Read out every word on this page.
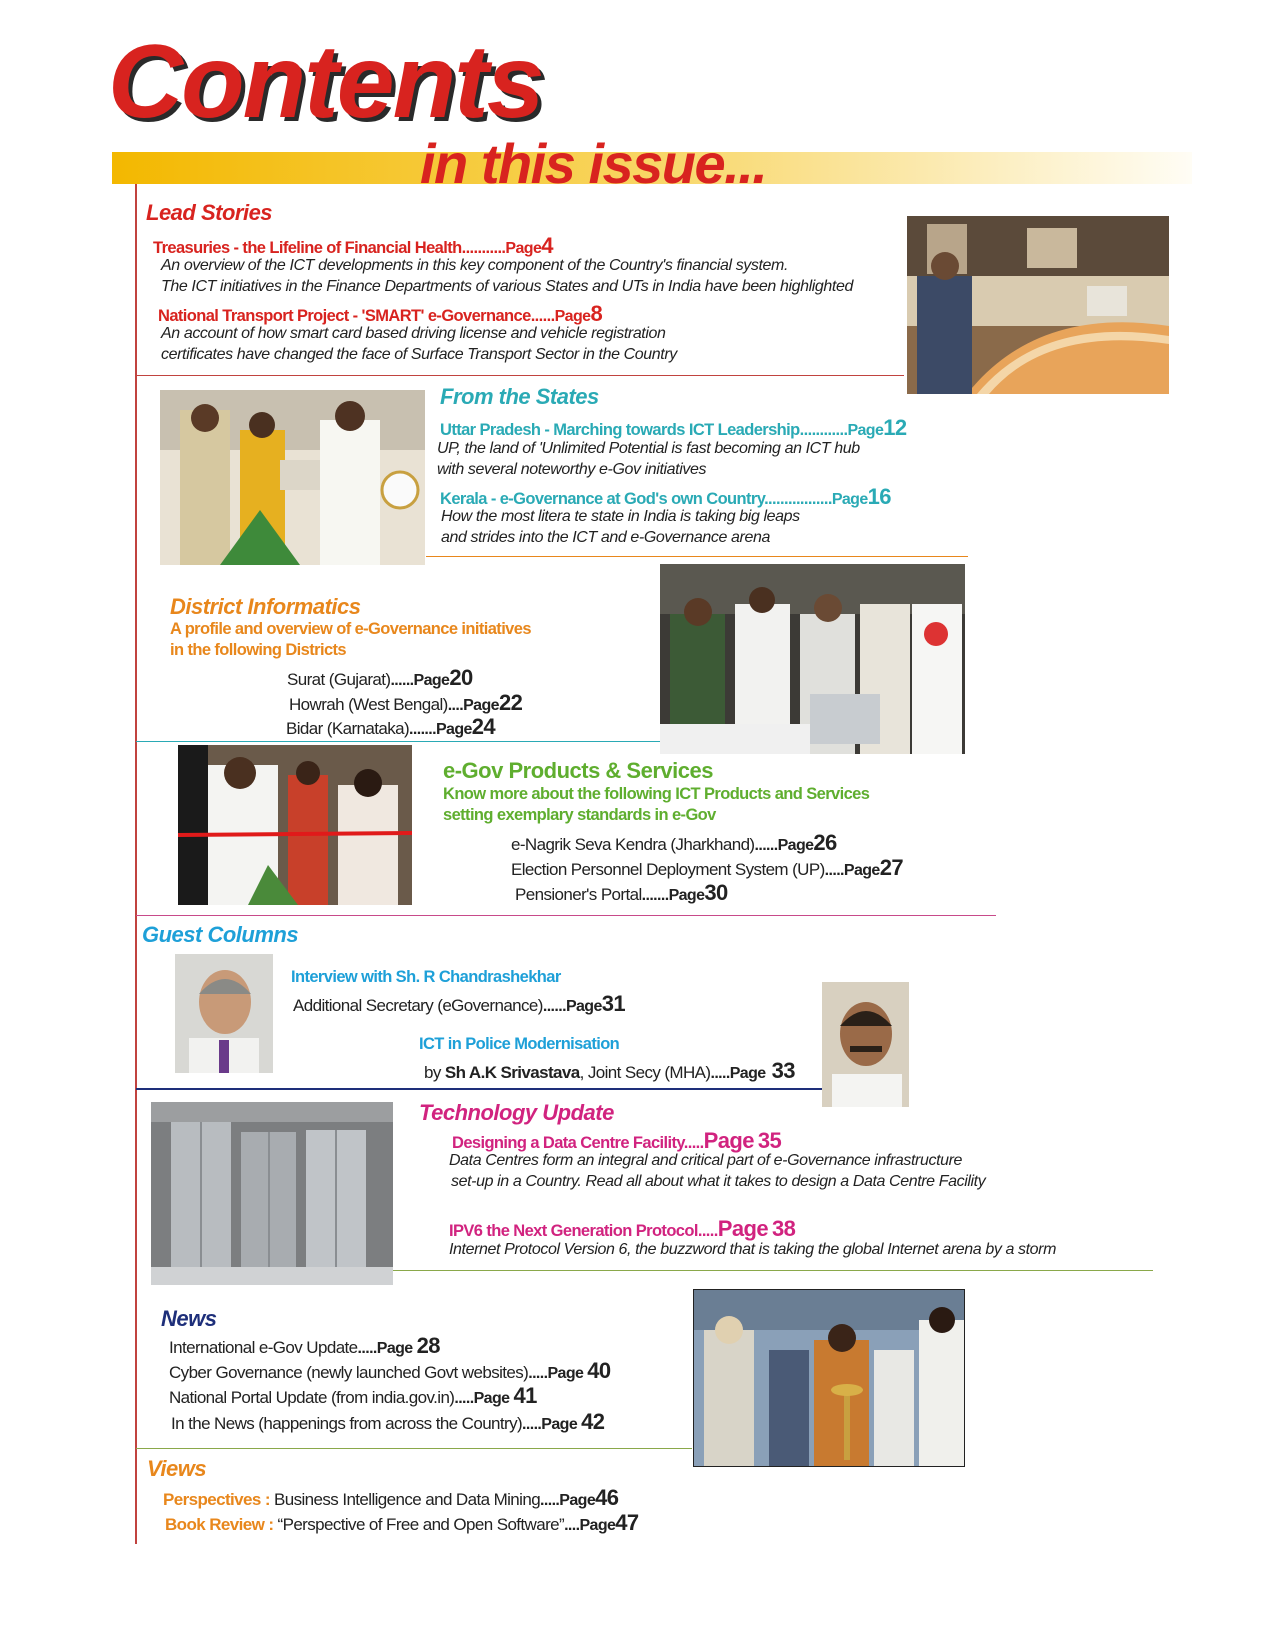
Contents
in this issue...
Lead Stories
Treasuries - the Lifeline of Financial Health...........Page4
An overview of the ICT developments in this key component of the Country's financial system.
The ICT initiatives in the Finance Departments of various States and UTs in India have been highlighted
National Transport Project - 'SMART' e-Governance......Page8
An account of how smart card based driving license and vehicle registration
certificates have changed the face of Surface Transport Sector in the Country
From the States
Uttar Pradesh - Marching towards ICT Leadership............Page12
UP, the land of 'Unlimited Potential is fast becoming an ICT hub
with several noteworthy e-Gov initiatives
Kerala - e-Governance at God's own Country.................Page16
How the most litera te state in India is taking big leaps
and strides into the ICT and e-Governance arena
District Informatics
A profile and overview of e-Governance initiatives
in the following Districts
Surat (Gujarat)......Page20
Howrah (West Bengal)....Page22
Bidar (Karnataka).......Page24
e-Gov Products & Services
Know more about the following ICT Products and Services
setting exemplary standards in e-Gov
e-Nagrik Seva Kendra (Jharkhand)......Page26
Election Personnel Deployment System (UP).....Page27
Pensioner's Portal.......Page30
Guest Columns
Interview with Sh. R Chandrashekhar
Additional Secretary (eGovernance)......Page31
ICT in Police Modernisation
by Sh A.K Srivastava, Joint Secy (MHA).....Page 33
Technology Update
Designing a Data Centre Facility.....Page 35
Data Centres form an integral and critical part of e-Governance infrastructure
set-up in a Country. Read all about what it takes to design a Data Centre Facility
IPV6 the Next Generation Protocol.....Page 38
Internet Protocol Version 6, the buzzword that is taking the global Internet arena by a storm
News
International e-Gov Update.....Page 28
Cyber Governance (newly launched Govt websites).....Page 40
National Portal Update (from india.gov.in).....Page 41
In the News (happenings from across the Country).....Page 42
Views
Perspectives : Business Intelligence and Data Mining.....Page46
Book Review : “Perspective of Free and Open Software”....Page47
